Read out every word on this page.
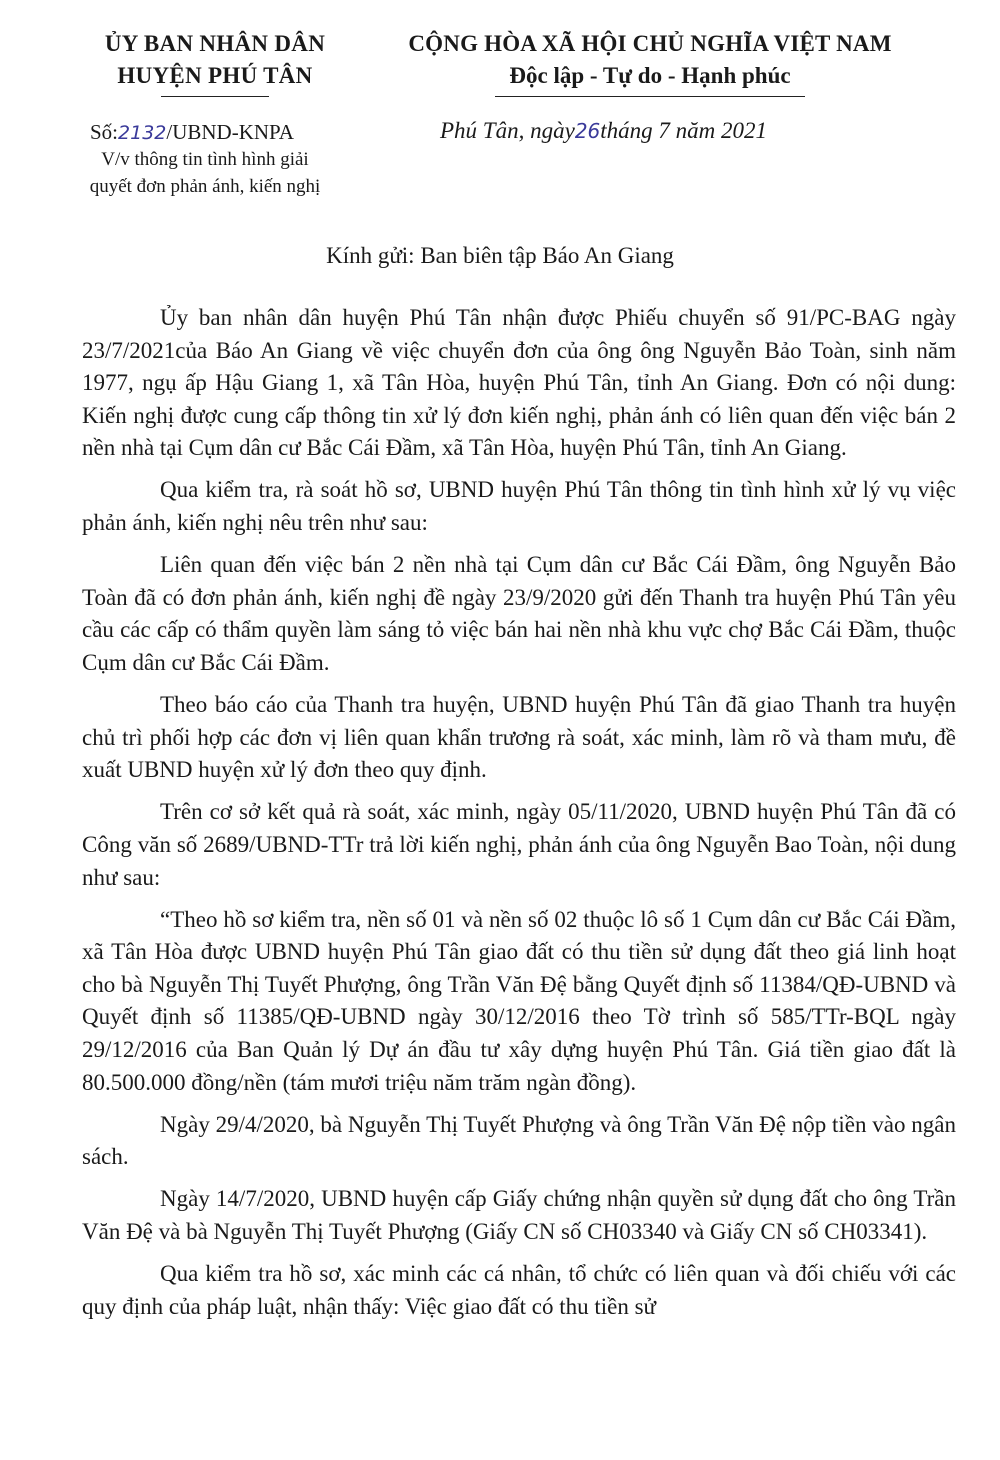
ỦY BAN NHÂN DÂN
HUYỆN PHÚ TÂN
CỘNG HÒA XÃ HỘI CHỦ NGHĨA VIỆT NAM
Độc lập - Tự do - Hạnh phúc
Số:2132/UBND-KNPA
V/v thông tin tình hình giải
quyết đơn phản ánh, kiến nghị
Phú Tân, ngày26tháng 7 năm 2021
Kính gửi: Ban biên tập Báo An Giang

Ủy ban nhân dân huyện Phú Tân nhận được Phiếu chuyển số 91/PC-BAG ngày 23/7/2021của Báo An Giang về việc chuyển đơn của ông ông Nguyễn Bảo Toàn, sinh năm 1977, ngụ ấp Hậu Giang 1, xã Tân Hòa, huyện Phú Tân, tỉnh An Giang. Đơn có nội dung: Kiến nghị được cung cấp thông tin xử lý đơn kiến nghị, phản ánh có liên quan đến việc bán 2 nền nhà tại Cụm dân cư Bắc Cái Đầm, xã Tân Hòa, huyện Phú Tân, tỉnh An Giang.

Qua kiểm tra, rà soát hồ sơ, UBND huyện Phú Tân thông tin tình hình xử lý vụ việc phản ánh, kiến nghị nêu trên như sau:

Liên quan đến việc bán 2 nền nhà tại Cụm dân cư Bắc Cái Đầm, ông Nguyễn Bảo Toàn đã có đơn phản ánh, kiến nghị đề ngày 23/9/2020 gửi đến Thanh tra huyện Phú Tân yêu cầu các cấp có thẩm quyền làm sáng tỏ việc bán hai nền nhà khu vực chợ Bắc Cái Đầm, thuộc Cụm dân cư Bắc Cái Đầm.

Theo báo cáo của Thanh tra huyện, UBND huyện Phú Tân đã giao Thanh tra huyện chủ trì phối hợp các đơn vị liên quan khẩn trương rà soát, xác minh, làm rõ và tham mưu, đề xuất UBND huyện xử lý đơn theo quy định.

Trên cơ sở kết quả rà soát, xác minh, ngày 05/11/2020, UBND huyện Phú Tân đã có Công văn số 2689/UBND-TTr trả lời kiến nghị, phản ánh của ông Nguyễn Bao Toàn, nội dung như sau:

“Theo hồ sơ kiểm tra, nền số 01 và nền số 02 thuộc lô số 1 Cụm dân cư Bắc Cái Đầm, xã Tân Hòa được UBND huyện Phú Tân giao đất có thu tiền sử dụng đất theo giá linh hoạt cho bà Nguyễn Thị Tuyết Phượng, ông Trần Văn Đệ bằng Quyết định số 11384/QĐ-UBND và Quyết định số 11385/QĐ-UBND ngày 30/12/2016 theo Tờ trình số 585/TTr-BQL ngày 29/12/2016 của Ban Quản lý Dự án đầu tư xây dựng huyện Phú Tân. Giá tiền giao đất là 80.500.000 đồng/nền (tám mươi triệu năm trăm ngàn đồng).

Ngày 29/4/2020, bà Nguyễn Thị Tuyết Phượng và ông Trần Văn Đệ nộp tiền vào ngân sách.

Ngày 14/7/2020, UBND huyện cấp Giấy chứng nhận quyền sử dụng đất cho ông Trần Văn Đệ và bà Nguyễn Thị Tuyết Phượng (Giấy CN số CH03340 và Giấy CN số CH03341).

Qua kiểm tra hồ sơ, xác minh các cá nhân, tổ chức có liên quan và đối chiếu với các quy định của pháp luật, nhận thấy: Việc giao đất có thu tiền sử
